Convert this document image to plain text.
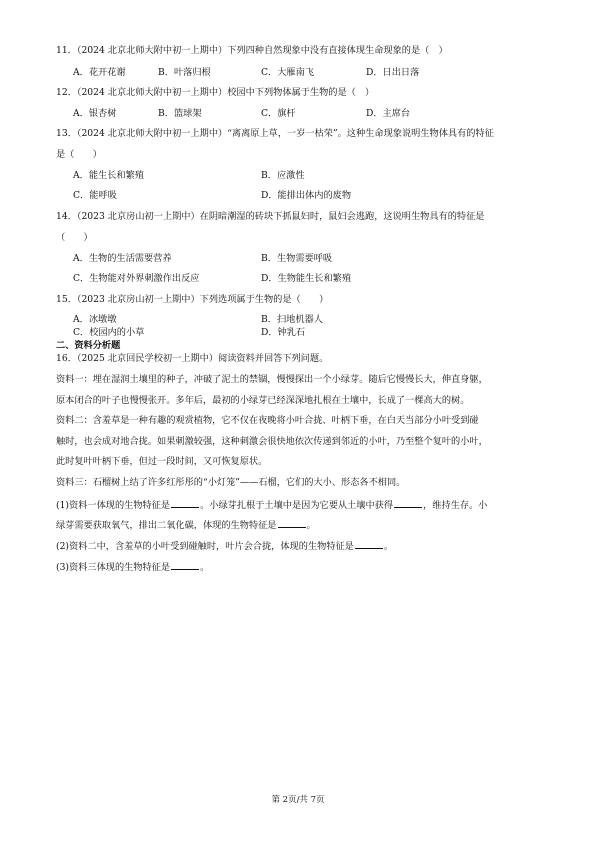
11．（2024 北京北师大附中初一上期中）下列四种自然现象中没有直接体现生命现象的是（　）
A．花开花谢	B．叶落归根	C．大雁南飞	D．日出日落
12．（2024 北京北师大附中初一上期中）校园中下列物体属于生物的是（　）
A．银杏树	B．篮球架	C．旗杆	D．主席台
13．（2024 北京北师大附中初一上期中）“离离原上草，一岁一枯荣”。这种生命现象说明生物体具有的特征
是（　　）
A．能生长和繁殖	B．应激性
C．能呼吸	D．能排出体内的废物
14．（2023 北京房山初一上期中）在阴暗潮湿的砖块下抓鼠妇时，鼠妇会逃跑，这说明生物具有的特征是
（　　）
A．生物的生活需要营养	B．生物需要呼吸
C．生物能对外界刺激作出反应	D．生物能生长和繁殖
15．（2023 北京房山初一上期中）下列选项属于生物的是（　　）
A．冰墩墩	B．扫地机器人
C．校园内的小草	D．钟乳石
二、资料分析题
16．（2025 北京回民学校初一上期中）阅读资料并回答下列问题。
资料一：埋在湿润土壤里的种子，冲破了泥土的禁锢，慢慢探出一个小绿芽。随后它慢慢长大，伸直身躯，
原本闭合的叶子也慢慢张开。多年后，最初的小绿芽已经深深地扎根在土壤中，长成了一棵高大的树。
资料二：含羞草是一种有趣的观赏植物，它不仅在夜晚将小叶合拢、叶柄下垂，在白天当部分小叶受到碰
触时，也会成对地合拢。如果刺激较强，这种刺激会很快地依次传递到邻近的小叶，乃至整个复叶的小叶，
此时复叶叶柄下垂，但过一段时间，又可恢复原状。
资料三：石榴树上结了许多红彤彤的“小灯笼”——石榴，它们的大小、形态各不相同。
(1)资料一体现的生物特征是	。小绿芽扎根于土壤中是因为它要从土壤中获得	，维持生存。小
绿芽需要获取氧气，排出二氧化碳，体现的生物特征是	。
(2)资料二中，含羞草的小叶受到碰触时，叶片会合拢，体现的生物特征是	。
(3)资料三体现的生物特征是	。
第 2页/共 7页
